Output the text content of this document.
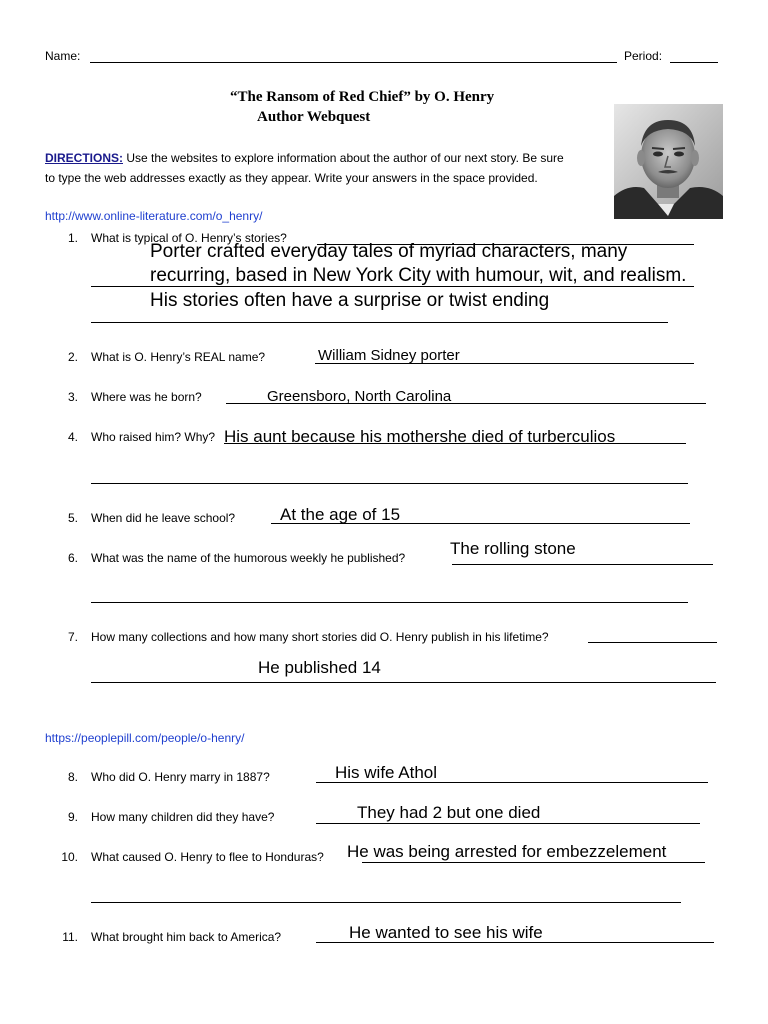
Name:	Period:
“The Ransom of Red Chief” by O. Henry
Author Webquest
DIRECTIONS: Use the websites to explore information about the author of our next story. Be sure
to type the web addresses exactly as they appear. Write your answers in the space provided.
http://www.online-literature.com/o_henry/
1. What is typical of O. Henry’s stories?
Porter crafted everyday tales of myriad characters, many
recurring, based in New York City with humour, wit, and realism.
His stories often have a surprise or twist ending
2. What is O. Henry’s REAL name?	William Sidney porter
3. Where was he born?	Greensboro, North Carolina
4. Who raised him? Why? His aunt because his mothershe died of turberculios
5. When did he leave school?	At the age of 15
6. What was the name of the humorous weekly he published?	The rolling stone
7. How many collections and how many short stories did O. Henry publish in his lifetime?
He published 14
https://peoplepill.com/people/o-henry/
8. Who did O. Henry marry in 1887?	His wife Athol
9. How many children did they have?	They had 2 but one died
10. What caused O. Henry to flee to Honduras? He was being arrested for embezzelement
11. What brought him back to America?	He wanted to see his wife
